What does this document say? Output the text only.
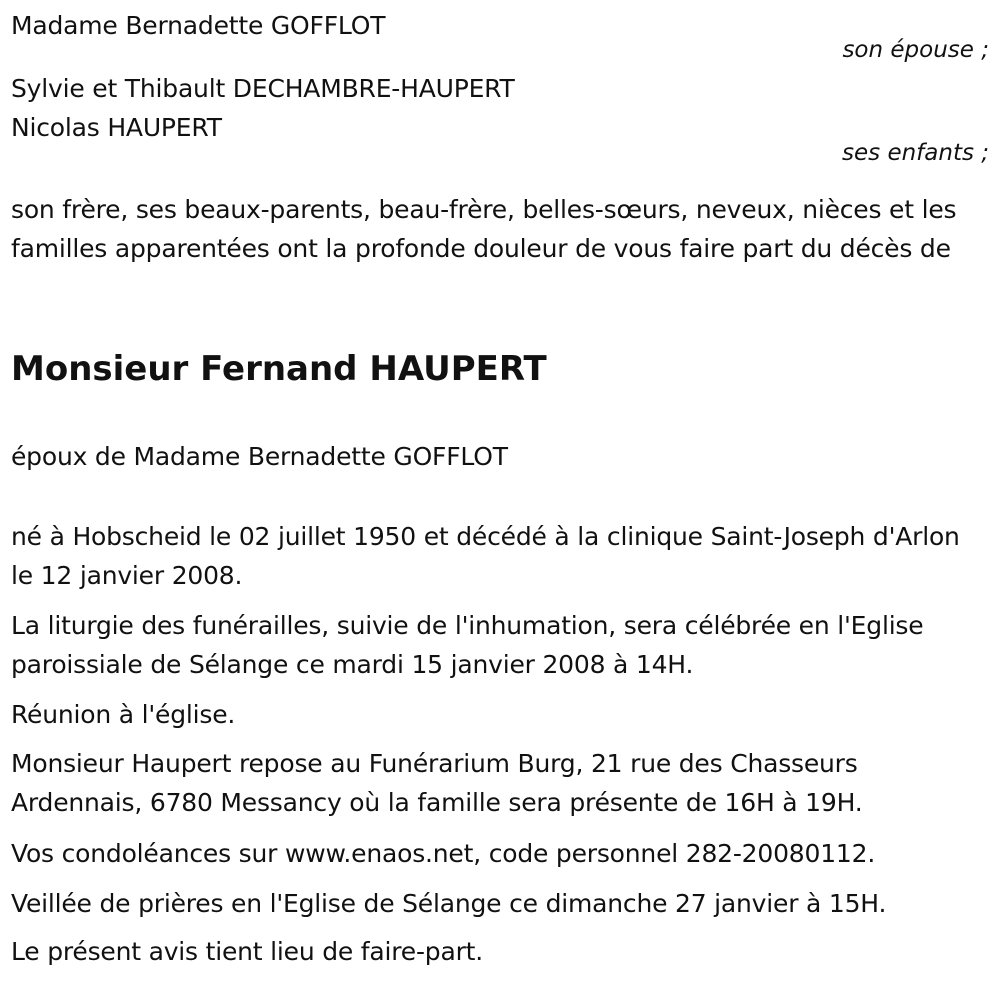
Madame Bernadette GOFFLOT
son épouse ;
Sylvie et Thibault DECHAMBRE-HAUPERT
Nicolas HAUPERT
ses enfants ;
son frère, ses beaux-parents, beau-frère, belles-sœurs, neveux, nièces et les familles apparentées ont la profonde douleur de vous faire part du décès de
Monsieur Fernand HAUPERT
époux de Madame Bernadette GOFFLOT
né à Hobscheid le 02 juillet 1950 et décédé à la clinique Saint-Joseph d'Arlon le 12 janvier 2008.
La liturgie des funérailles, suivie de l'inhumation, sera célébrée en l'Eglise paroissiale de Sélange ce mardi 15 janvier 2008 à 14H.
Réunion à l'église.
Monsieur Haupert repose au Funérarium Burg, 21 rue des Chasseurs Ardennais, 6780 Messancy où la famille sera présente de 16H à 19H.
Vos condoléances sur www.enaos.net, code personnel 282-20080112.
Veillée de prières en l'Eglise de Sélange ce dimanche 27 janvier à 15H.
Le présent avis tient lieu de faire-part.
